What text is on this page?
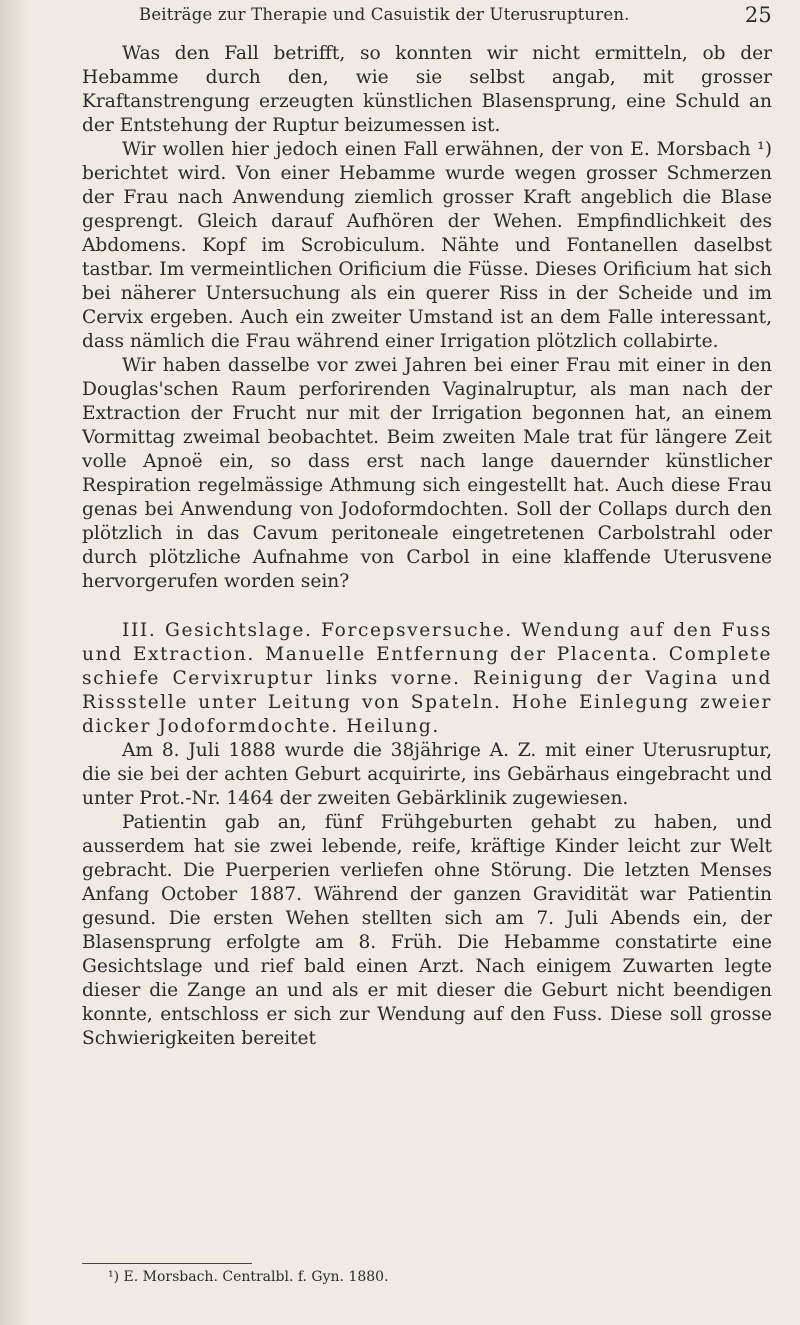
Beiträge zur Therapie und Casuistik der Uterusrupturen.	25

Was den Fall betrifft, so konnten wir nicht ermitteln, ob der Hebamme durch den, wie sie selbst angab, mit grosser Kraftanstrengung erzeugten künstlichen Blasensprung, eine Schuld an der Entstehung der Ruptur beizumessen ist.

Wir wollen hier jedoch einen Fall erwähnen, der von E. Morsbach ¹) berichtet wird. Von einer Hebamme wurde wegen grosser Schmerzen der Frau nach Anwendung ziemlich grosser Kraft angeblich die Blase gesprengt. Gleich darauf Aufhören der Wehen. Empfindlichkeit des Abdomens. Kopf im Scrobiculum. Nähte und Fontanellen daselbst tastbar. Im vermeintlichen Orificium die Füsse. Dieses Orificium hat sich bei näherer Untersuchung als ein querer Riss in der Scheide und im Cervix ergeben. Auch ein zweiter Umstand ist an dem Falle interessant, dass nämlich die Frau während einer Irrigation plötzlich collabirte.

Wir haben dasselbe vor zwei Jahren bei einer Frau mit einer in den Douglas'schen Raum perforirenden Vaginalruptur, als man nach der Extraction der Frucht nur mit der Irrigation begonnen hat, an einem Vormittag zweimal beobachtet. Beim zweiten Male trat für längere Zeit volle Apnoë ein, so dass erst nach lange dauernder künstlicher Respiration regelmässige Athmung sich eingestellt hat. Auch diese Frau genas bei Anwendung von Jodoformdochten. Soll der Collaps durch den plötzlich in das Cavum peritoneale eingetretenen Carbolstrahl oder durch plötzliche Aufnahme von Carbol in eine klaffende Uterusvene hervorgerufen worden sein?

III. Gesichtslage. Forcepsversuche. Wendung auf den Fuss und Extraction. Manuelle Entfernung der Placenta. Complete schiefe Cervixruptur links vorne. Reinigung der Vagina und Rissstelle unter Leitung von Spateln. Hohe Einlegung zweier dicker Jodoformdochte. Heilung.

Am 8. Juli 1888 wurde die 38jährige A. Z. mit einer Uterusruptur, die sie bei der achten Geburt acquirirte, ins Gebärhaus eingebracht und unter Prot.-Nr. 1464 der zweiten Gebärklinik zugewiesen.

Patientin gab an, fünf Frühgeburten gehabt zu haben, und ausserdem hat sie zwei lebende, reife, kräftige Kinder leicht zur Welt gebracht. Die Puerperien verliefen ohne Störung. Die letzten Menses Anfang October 1887. Während der ganzen Gravidität war Patientin gesund. Die ersten Wehen stellten sich am 7. Juli Abends ein, der Blasensprung erfolgte am 8. Früh. Die Hebamme constatirte eine Gesichtslage und rief bald einen Arzt. Nach einigem Zuwarten legte dieser die Zange an und als er mit dieser die Geburt nicht beendigen konnte, entschloss er sich zur Wendung auf den Fuss. Diese soll grosse Schwierigkeiten bereitet

¹) E. Morsbach. Centralbl. f. Gyn. 1880.
